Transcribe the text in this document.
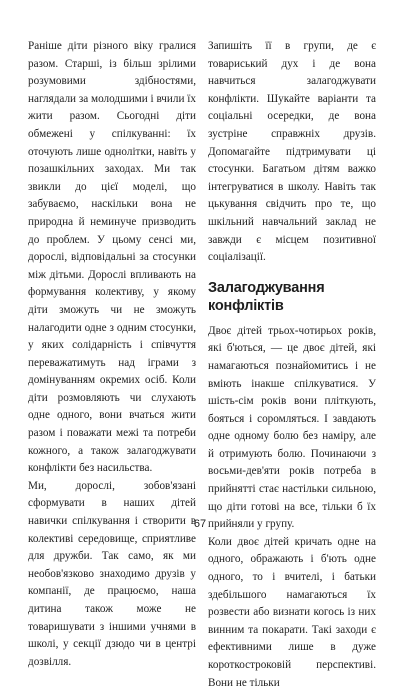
Раніше діти різного віку гралися разом. Старші, із більш зрілими розумовими здібностями, наглядали за молодшими і вчили їх жити разом. Сьогодні діти обмежені у спілкуванні: їх оточують лише однолітки, навіть у позашкільних заходах. Ми так звикли до цієї моделі, що забуваємо, наскільки вона не природна й неминуче призводить до проблем. У цьому сенсі ми, дорослі, відповідальні за стосунки між дітьми. Дорослі впливають на формування колективу, у якому діти зможуть чи не зможуть налагодити одне з одним стосунки, у яких солідарність і співчуття переважатимуть над іграми з домінуванням окремих осіб. Коли діти розмовляють чи слухають одне одного, вони вчаться жити разом і поважати межі та потреби кожного, а також залагоджувати конфлікти без насильства.

Ми, дорослі, зобов'язані сформувати в наших дітей навички спілкування і створити в колективі середовище, сприятливе для дружби. Так само, як ми необов'язково знаходимо друзів у компанії, де працюємо, наша дитина також може не товаришувати з іншими учнями в школі, у секції дзюдо чи в центрі дозвілля.

Запишіть її в групи, де є товариський дух і де вона навчиться залагоджувати конфлікти. Шукайте варіанти та соціальні осередки, де вона зустріне справжніх друзів. Допомагайте підтримувати ці стосунки. Багатьом дітям важко інтегруватися в школу. Навіть так цькування свідчить про те, що шкільний навчальний заклад не завжди є місцем позитивної соціалізації.

Залагоджування конфліктів

Двоє дітей трьох-чотирьох років, які б'ються, — це двоє дітей, які намагаються познайомитись і не вміють інакше спілкуватися. У шість-сім років вони пліткують, бояться і соромляться. І завдають одне одному болю без наміру, але й отримують болю. Починаючи з восьми-дев'яти років потреба в прийнятті стає настільки сильною, що діти готові на все, тільки б їх прийняли у групу.

Коли двоє дітей кричать одне на одного, ображають і б'ють одне одного, то і вчителі, і батьки здебільшого намагаються їх розвести або визнати когось із них винним та покарати. Такі заходи є ефективними лише в дуже короткостроковій перспективі. Вони не тільки

67
